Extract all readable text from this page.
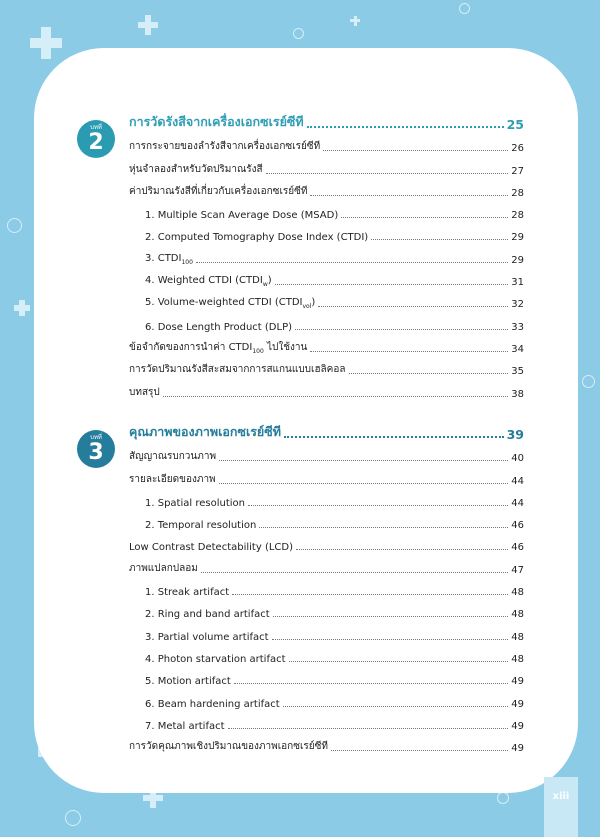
xiii
บทที่
2
บทที่
3
การวัดรังสีจากเครื่องเอกซเรย์ซีที	25
การกระจายของลำรังสีจากเครื่องเอกซเรย์ซีที	26
หุ่นจำลองสำหรับวัดปริมาณรังสี	27
ค่าปริมาณรังสีที่เกี่ยวกับเครื่องเอกซเรย์ซีที	28
1. Multiple Scan Average Dose (MSAD)	28
2. Computed Tomography Dose Index (CTDI)	29
3. $CTDI_{100}$	29
4. Weighted CTDI $(CTDI_w)$	31
5. Volume-weighted CTDI $(CTDI_{vol})$	32
6. Dose Length Product (DLP)	33
ข้อจำกัดของการนำค่า $CTDI_{100}$ ไปใช้งาน	34
การวัดปริมาณรังสีสะสมจากการสแกนแบบเฮลิคอล	35
บทสรุป	38
คุณภาพของภาพเอกซเรย์ซีที	39
สัญญาณรบกวนภาพ	40
รายละเอียดของภาพ	44
1. Spatial resolution	44
2. Temporal resolution	46
Low Contrast Detectability (LCD)	46
ภาพแปลกปลอม	47
1. Streak artifact	48
2. Ring and band artifact	48
3. Partial volume artifact	48
4. Photon starvation artifact	48
5. Motion artifact	49
6. Beam hardening artifact	49
7. Metal artifact	49
การวัดคุณภาพเชิงปริมาณของภาพเอกซเรย์ซีที	49
